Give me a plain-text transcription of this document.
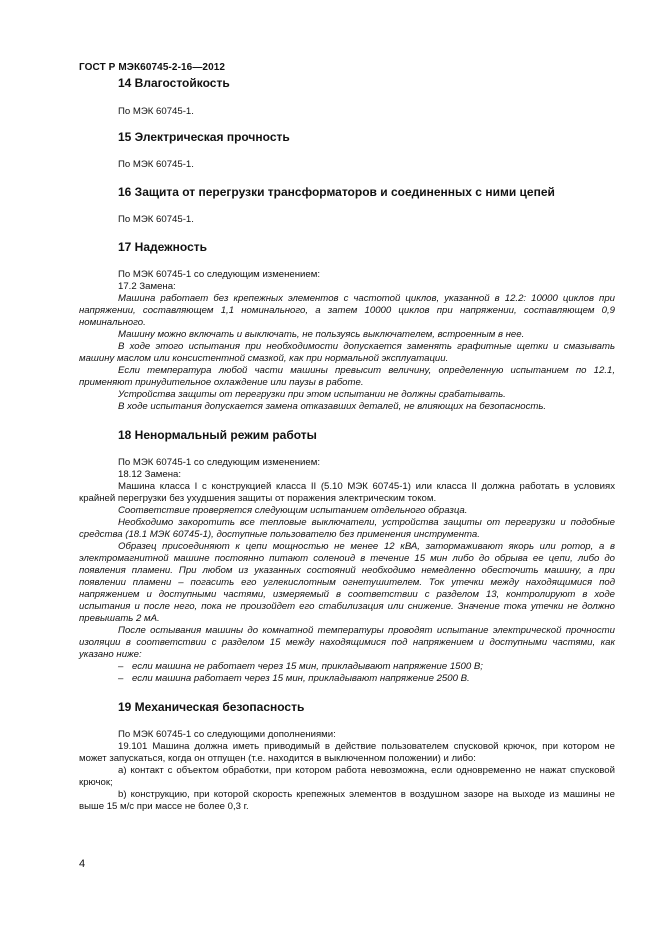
ГОСТ Р МЭК60745-2-16—2012
14 Влагостойкость

По МЭК 60745-1.

15 Электрическая прочность

По МЭК 60745-1.

16 Защита от перегрузки трансформаторов и соединенных с ними цепей

По МЭК 60745-1.

17 Надежность

По МЭК 60745-1 со следующим изменением:

17.2 Замена:

Машина работает без крепежных элементов с частотой циклов, указанной в 12.2: 10000 циклов при напряжении, составляющем 1,1 номинального, а затем 10000 циклов при напряжении, составляющем 0,9 номинального.

Машину можно включать и выключать, не пользуясь выключателем, встроенным в нее.

В ходе этого испытания при необходимости допускается заменять графитные щетки и смазывать машину маслом или консистентной смазкой, как при нормальной эксплуатации.

Если температура любой части машины превысит величину, определенную испытанием по 12.1, применяют принудительное охлаждение или паузы в работе.

Устройства защиты от перегрузки при этом испытании не должны срабатывать.

В ходе испытания допускается замена отказавших деталей, не влияющих на безопасность.

18 Ненормальный режим работы

По МЭК 60745-1 со следующим изменением:

18.12 Замена:

Машина класса I с конструкцией класса II (5.10 МЭК 60745-1) или класса II должна работать в условиях крайней перегрузки без ухудшения защиты от поражения электрическим током.

Соответствие проверяется следующим испытанием отдельного образца.

Необходимо закоротить все тепловые выключатели, устройства защиты от перегрузки и подобные средства (18.1 МЭК 60745-1), доступные пользователю без применения инструмента.

Образец присоединяют к цепи мощностью не менее 12 кВА, затормаживают якорь или ротор, а в электромагнитной машине постоянно питают соленоид в течение 15 мин либо до обрыва ее цепи, либо до появления пламени. При любом из указанных состояний необходимо немедленно обесточить машину, а при появлении пламени – погасить его углекислотным огнетушителем. Ток утечки между находящимися под напряжением и доступными частями, измеряемый в соответствии с разделом 13, контролируют в ходе испытания и после него, пока не произойдет его стабилизация или снижение. Значение тока утечки не должно превышать 2 мА.

После остывания машины до комнатной температуры проводят испытание электрической прочности изоляции в соответствии с разделом 15 между находящимися под напряжением и доступными частями, как указано ниже:

– если машина не работает через 15 мин, прикладывают напряжение 1500 В;

– если машина работает через 15 мин, прикладывают напряжение 2500 В.

19 Механическая безопасность

По МЭК 60745-1 со следующими дополнениями:

19.101 Машина должна иметь приводимый в действие пользователем спусковой крючок, при котором не может запускаться, когда он отпущен (т.е. находится в выключенном положении) и либо:

a) контакт с объектом обработки, при котором работа невозможна, если одновременно не нажат спусковой крючок;

b) конструкцию, при которой скорость крепежных элементов в воздушном зазоре на выходе из машины не выше 15 м/с при массе не более 0,3 г.

4
